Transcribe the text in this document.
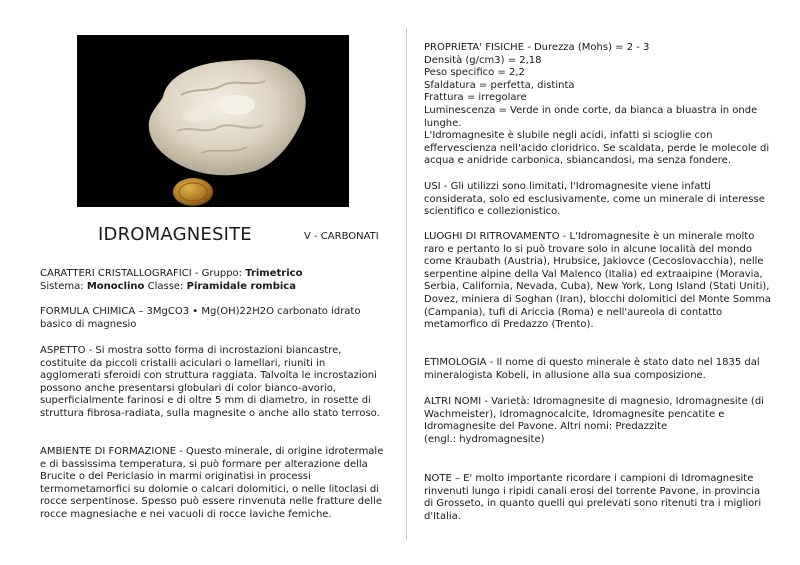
IDROMAGNESITE	V - CARBONATI

CARATTERI CRISTALLOGRAFICI - Gruppo: Trimetrico

Sistema: Monoclino Classe: Piramidale rombica

FORMULA CHIMICA – 3MgCO3 • Mg(OH)22H2O carbonato idrato basico di magnesio

ASPETTO - Si mostra sotto forma di incrostazioni biancastre, costituite da piccoli cristalli aciculari o lamellari, riuniti in agglomerati sferoidi con struttura raggiata. Talvolta le incrostazioni possono anche presentarsi globulari di color bianco-avorio, superficialmente farinosi e di oltre 5 mm di diametro, in rosette di struttura fibrosa-radiata, sulla magnesite o anche allo stato terroso.

AMBIENTE DI FORMAZIONE - Questo minerale, di origine idrotermale e di bassissima temperatura, si può formare per alterazione della Brucite o del Periclasio in marmi originatisi in processi termometamorfici su dolomie o calcari dolomitici, o nelle litoclasi di rocce serpentinose. Spesso può essere rinvenuta nelle fratture delle rocce magnesiache e nei vacuoli di rocce laviche femiche.

PROPRIETA' FISICHE - Durezza (Mohs) = 2 - 3

Densità (g/cm3) = 2,18

Peso specifico = 2,2

Sfaldatura = perfetta, distinta

Frattura = irregolare

Luminescenza = Verde in onde corte, da bianca a bluastra in onde lunghe.

L'Idromagnesite è slubile negli acidi, infatti si scioglie con effervescienza nell'acido cloridrico. Se scaldata, perde le molecole di acqua e anidride carbonica, sbiancandosi, ma senza fondere.

USI - Gli utilizzi sono limitati, l'Idromagnesite viene infatti considerata, solo ed esclusivamente, come un minerale di interesse scientifico e collezionistico.

LUOGHI DI RITROVAMENTO - L'Idromagnesite è un minerale molto raro e pertanto lo si può trovare solo in alcune località del mondo come Kraubath (Austria), Hrubsice, Jakiovce (Cecoslovacchia), nelle serpentine alpine della Val Malenco (Italia) ed extraaipine (Moravia, Serbia, California, Nevada, Cuba), New York, Long Island (Stati Uniti), Dovez, miniera di Soghan (Iran), blocchi dolomitici del Monte Somma (Campania), tufi di Ariccia (Roma) e nell'aureola di contatto metamorfico di Predazzo (Trento).

ETIMOLOGIA - Il nome di questo minerale è stato dato nel 1835 dal mineralogista Kobeli, in allusione alla sua composizione.

ALTRI NOMI - Varietà: Idromagnesite di magnesio, Idromagnesite (di Wachmeister), Idromagnocalcite, Idromagnesite pencatite e Idromagnesite del Pavone. Altri nomi: Predazzite

(engl.: hydromagnesite)

NOTE – E' molto importante ricordare i campioni di Idromagnesite rinvenuti lungo i ripidi canali erosi del torrente Pavone, in provincia di Grosseto, in quanto quelli qui prelevati sono ritenuti tra i migliori d'Italia.
